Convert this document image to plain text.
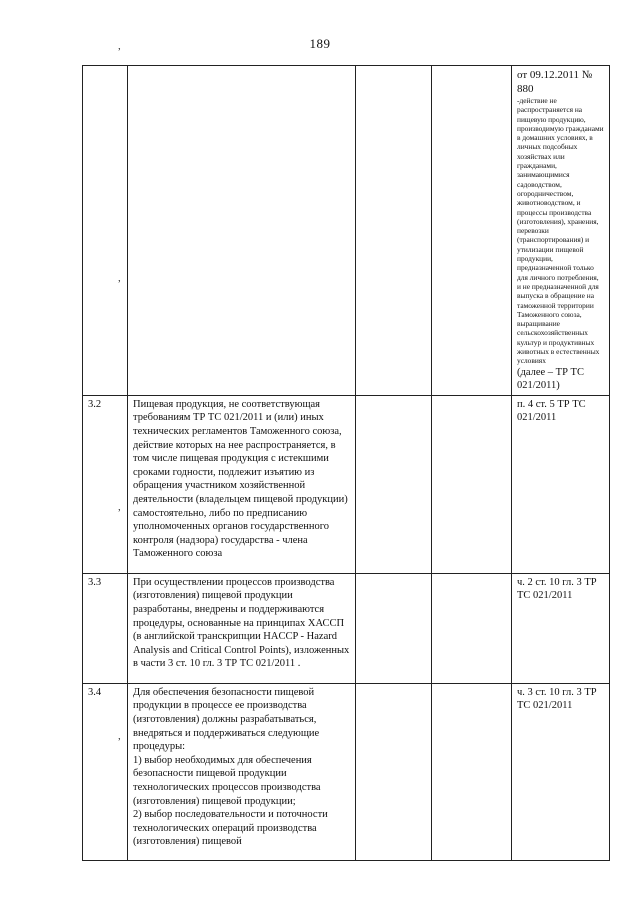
189
,
,
,
,

				от 09.12.2011 № 880
-действие не распространяется на пищевую продукцию, производимую гражданами в домашних условиях, в личных подсобных хозяйствах или гражданами, занимающимися садоводством, огородничеством, животноводством, и процессы производства (изготовления), хранения, перевозки (транспортирования) и утилизации пищевой продукции, предназначенной только для личного потребления, и не предназначенной для выпуска в обращение на таможенной территории Таможенного союза, выращивание сельскохозяйственных культур и продуктивных животных в естественных условиях
(далее – ТР ТС 021/2011)
3.2	Пищевая продукция, не соответствующая требованиям ТР ТС 021/2011 и (или) иных технических регламентов Таможенного союза, действие которых на нее распространяется, в том числе пищевая продукция с истекшими сроками годности, подлежит изъятию из обращения участником хозяйственной деятельности (владельцем пищевой продукции) самостоятельно, либо по предписанию уполномоченных органов государственного контроля (надзора) государства - члена Таможенного союза			п. 4 ст. 5 ТР ТС 021/2011
3.3	При осуществлении процессов производства (изготовления) пищевой продукции разработаны, внедрены и поддерживаются процедуры, основанные на принципах ХАССП (в английской транскрипции HACCP - Hazard Analysis and Critical Control Points), изложенных в части 3 ст. 10 гл. 3 ТР ТС 021/2011 .			ч. 2 ст. 10 гл. 3 ТР ТС 021/2011
3.4	Для обеспечения безопасности пищевой продукции в процессе ее производства (изготовления) должны разрабатываться, внедряться и поддерживаться следующие процедуры:
1) выбор необходимых для обеспечения безопасности пищевой продукции технологических процессов производства (изготовления) пищевой продукции;
2) выбор последовательности и поточности технологических операций производства (изготовления) пищевой			ч. 3 ст. 10 гл. 3 ТР ТС 021/2011
